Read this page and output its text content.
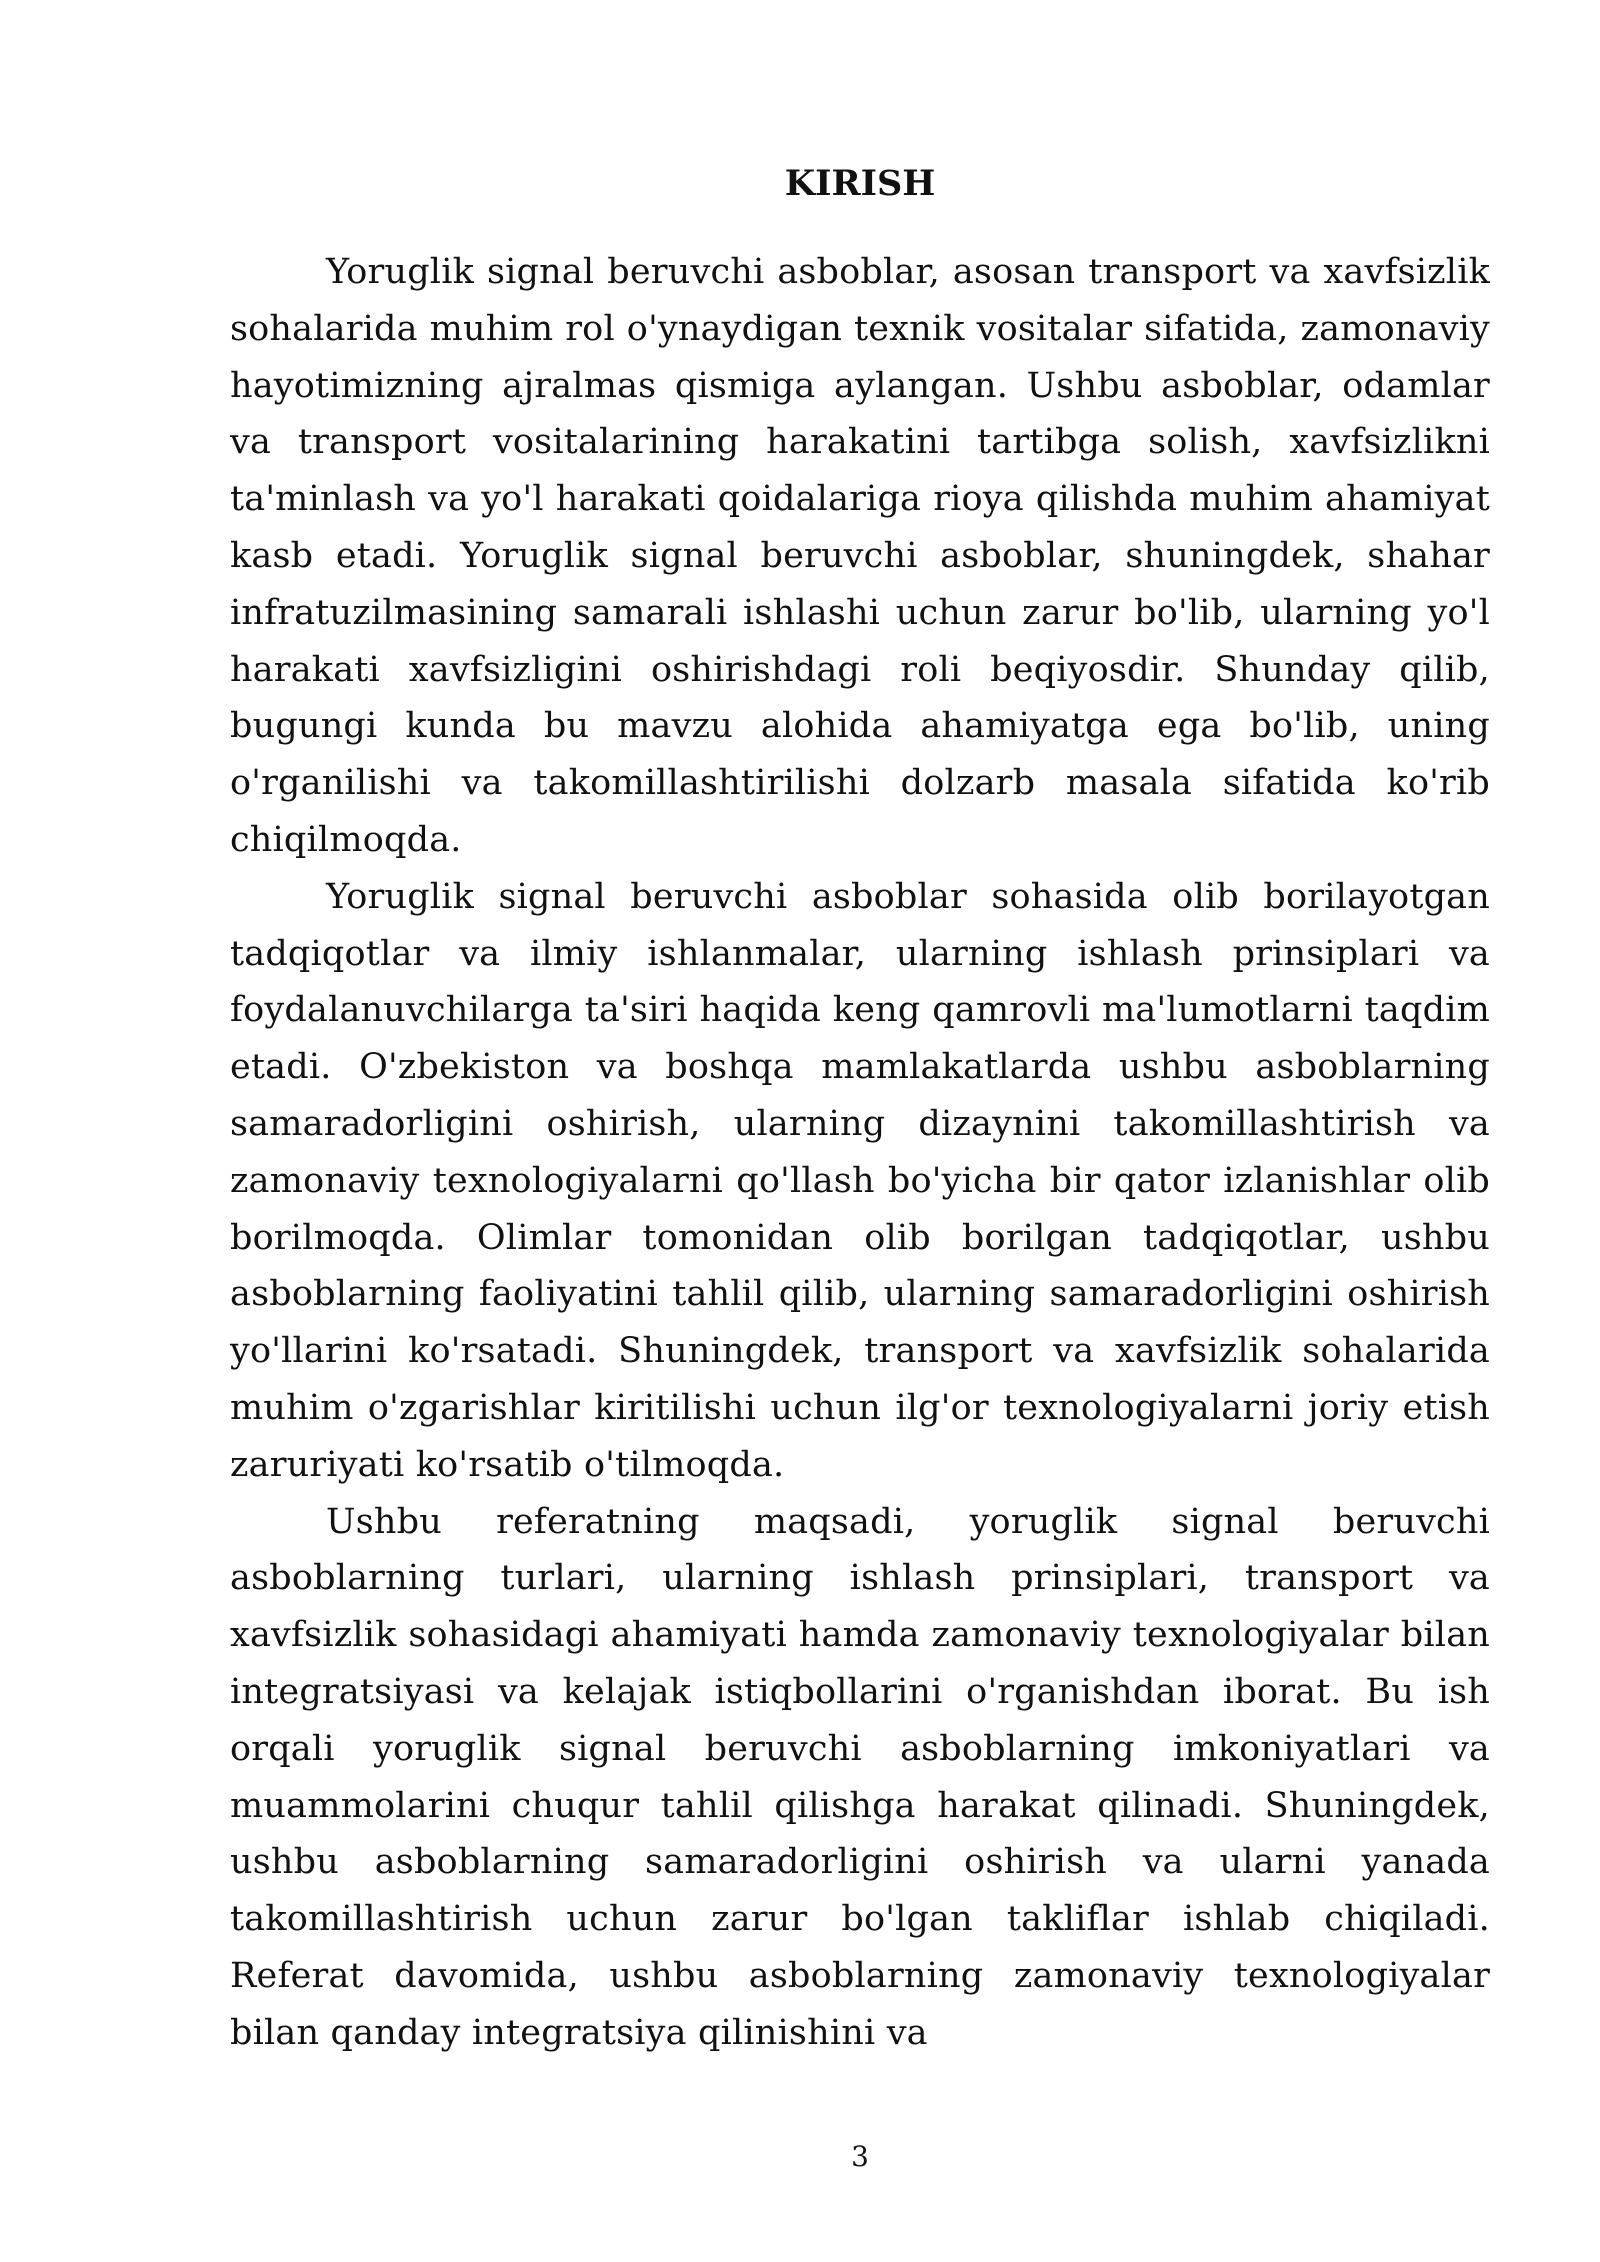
KIRISH

Yoruglik signal beruvchi asboblar, asosan transport va xavfsizlik sohalarida muhim rol o'ynaydigan texnik vositalar sifatida, zamonaviy hayotimizning ajralmas qismiga aylangan. Ushbu asboblar, odamlar va transport vositalarining harakatini tartibga solish, xavfsizlikni ta'minlash va yo'l harakati qoidalariga rioya qilishda muhim ahamiyat kasb etadi. Yoruglik signal beruvchi asboblar, shuningdek, shahar infratuzilmasining samarali ishlashi uchun zarur bo'lib, ularning yo'l harakati xavfsizligini oshirishdagi roli beqiyosdir. Shunday qilib, bugungi kunda bu mavzu alohida ahamiyatga ega bo'lib, uning o'rganilishi va takomillashtirilishi dolzarb masala sifatida ko'rib chiqilmoqda.

Yoruglik signal beruvchi asboblar sohasida olib borilayotgan tadqiqotlar va ilmiy ishlanmalar, ularning ishlash prinsiplari va foydalanuvchilarga ta'siri haqida keng qamrovli ma'lumotlarni taqdim etadi. O'zbekiston va boshqa mamlakatlarda ushbu asboblarning samaradorligini oshirish, ularning dizaynini takomillashtirish va zamonaviy texnologiyalarni qo'llash bo'yicha bir qator izlanishlar olib borilmoqda. Olimlar tomonidan olib borilgan tadqiqotlar, ushbu asboblarning faoliyatini tahlil qilib, ularning samaradorligini oshirish yo'llarini ko'rsatadi. Shuningdek, transport va xavfsizlik sohalarida muhim o'zgarishlar kiritilishi uchun ilg'or texnologiyalarni joriy etish zaruriyati ko'rsatib o'tilmoqda.

Ushbu referatning maqsadi, yoruglik signal beruvchi asboblarning turlari, ularning ishlash prinsiplari, transport va xavfsizlik sohasidagi ahamiyati hamda zamonaviy texnologiyalar bilan integratsiyasi va kelajak istiqbollarini o'rganishdan iborat. Bu ish orqali yoruglik signal beruvchi asboblarning imkoniyatlari va muammolarini chuqur tahlil qilishga harakat qilinadi. Shuningdek, ushbu asboblarning samaradorligini oshirish va ularni yanada takomillashtirish uchun zarur bo'lgan takliflar ishlab chiqiladi. Referat davomida, ushbu asboblarning zamonaviy texnologiyalar bilan qanday integratsiya qilinishini va

3
